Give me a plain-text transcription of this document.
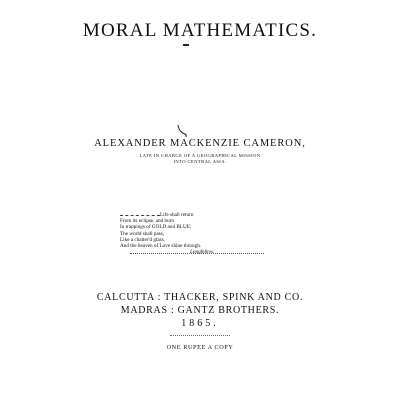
MORAL MATHEMATICS.
ALEXANDER MACKENZIE CAMERON,
LATE IN CHARGE OF A GEOGRAPHICAL MISSION
INTO CENTRAL ASIA.
Life shall return
From its eclipse, and burn
In trappings of GOLD and BLUE;
The world shall pass,
Like a chatter'd glass,
And the heaven of Love shine through.
Longfellow.
CALCUTTA : THACKER, SPINK AND CO.
MADRAS : GANTZ BROTHERS.
1865.
ONE RUPEE A COPY
